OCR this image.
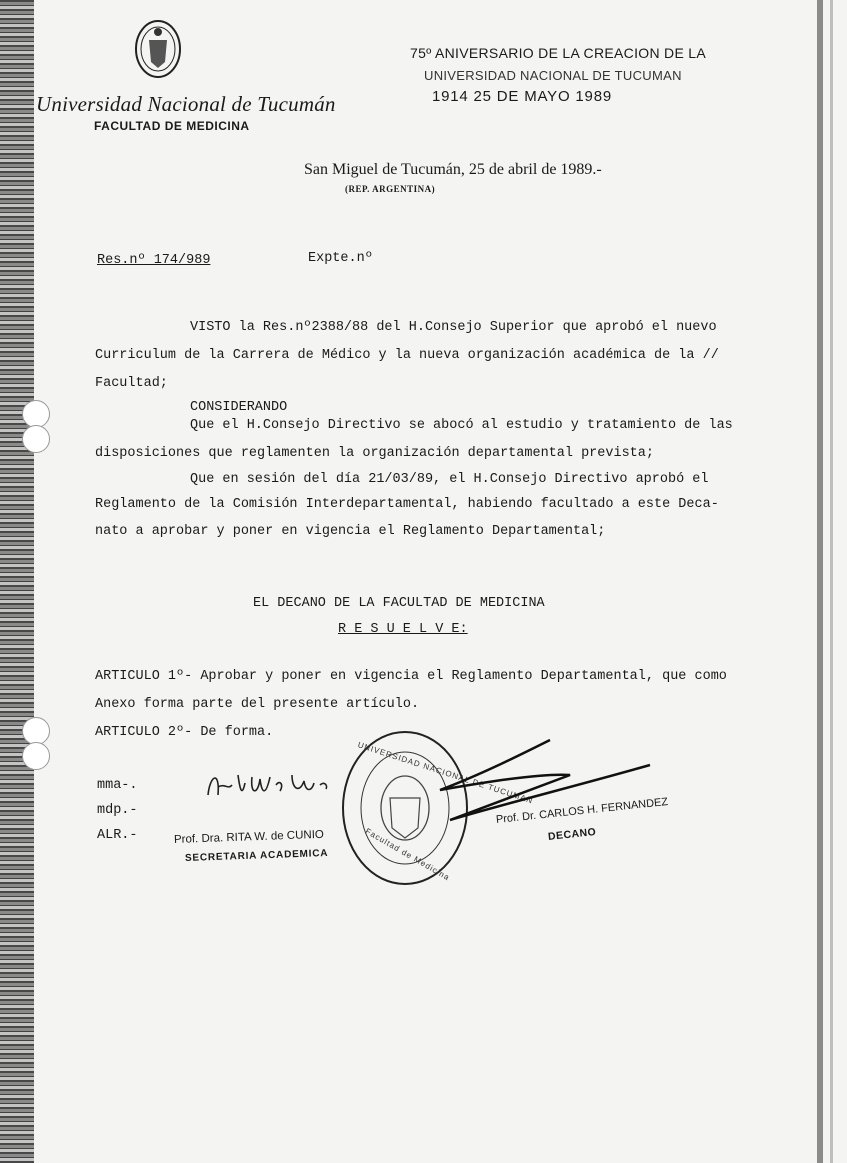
Universidad Nacional de Tucumán
FACULTAD DE MEDICINA
75º ANIVERSARIO DE LA CREACION DE LA
UNIVERSIDAD NACIONAL DE TUCUMAN
1914 25 DE MAYO 1989
San Miguel de Tucumán, 25 de abril de 1989.-
(REP. ARGENTINA)
Res.nº 174/989	Expte.nº
VISTO la Res.nº2388/88 del H.Consejo Superior que aprobó el nuevo
Curriculum de la Carrera de Médico y la nueva organización académica de la //
Facultad;
CONSIDERANDO
Que el H.Consejo Directivo se abocó al estudio y tratamiento de las
disposiciones que reglamenten la organización departamental prevista;
Que en sesión del día 21/03/89, el H.Consejo Directivo aprobó el
Reglamento de la Comisión Interdepartamental, habiendo facultado a este Deca-
nato a aprobar y poner en vigencia el Reglamento Departamental;
EL DECANO DE LA FACULTAD DE MEDICINA
R E S U E L V E:
ARTICULO 1º- Aprobar y poner en vigencia el Reglamento Departamental, que como
Anexo forma parte del presente artículo.
ARTICULO 2º- De forma.
mma-.
mdp.-
ALR.-	Prof. Dra. RITA W. de CUNIO
SECRETARIA ACADEMICA
UNIVERSIDAD NACIONAL DE TUCUMAN
Facultad de Medicina
Prof. Dr. CARLOS H. FERNANDEZ
DECANO
